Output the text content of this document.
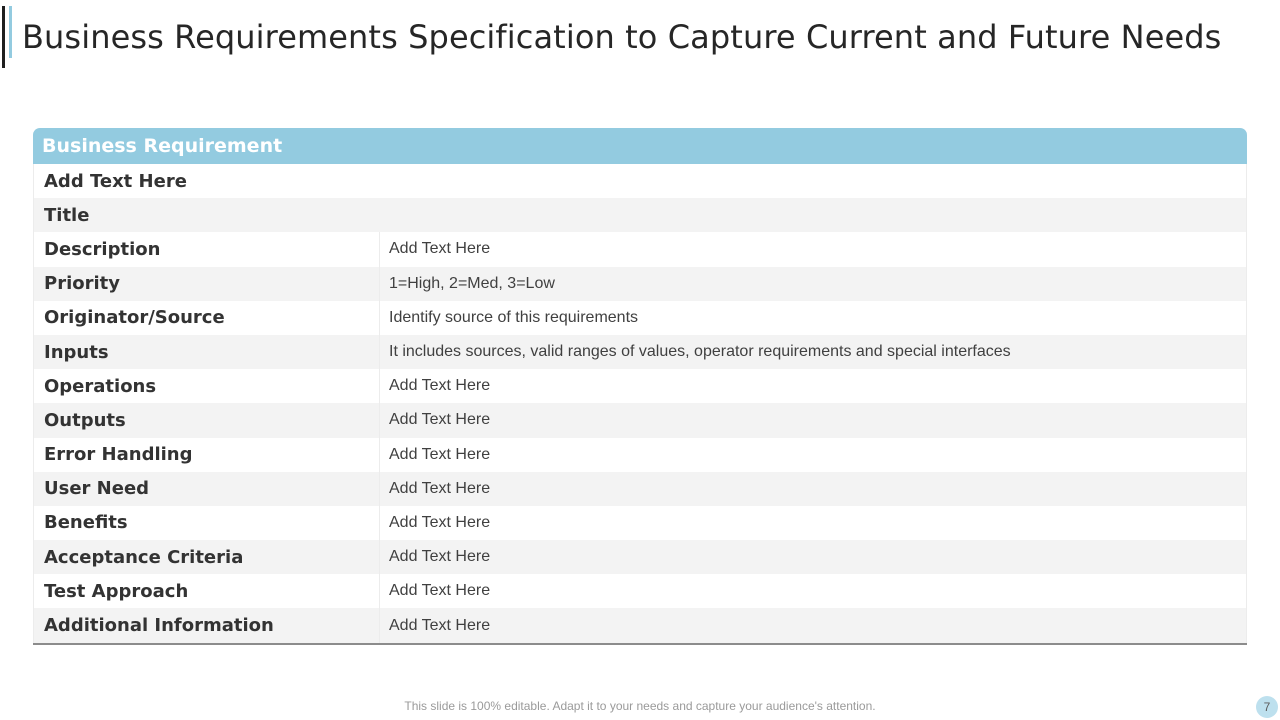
Business Requirements Specification to Capture Current and Future Needs
Business Requirement
Add Text Here
Title
Description	Add Text Here
Priority	1=High, 2=Med, 3=Low
Originator/Source	Identify source of this requirements
Inputs	It includes sources, valid ranges of values, operator requirements and special interfaces
Operations	Add Text Here
Outputs	Add Text Here
Error Handling	Add Text Here
User Need	Add Text Here
Benefits	Add Text Here
Acceptance Criteria	Add Text Here
Test Approach	Add Text Here
Additional Information	Add Text Here
This slide is 100% editable. Adapt it to your needs and capture your audience's attention.	7
